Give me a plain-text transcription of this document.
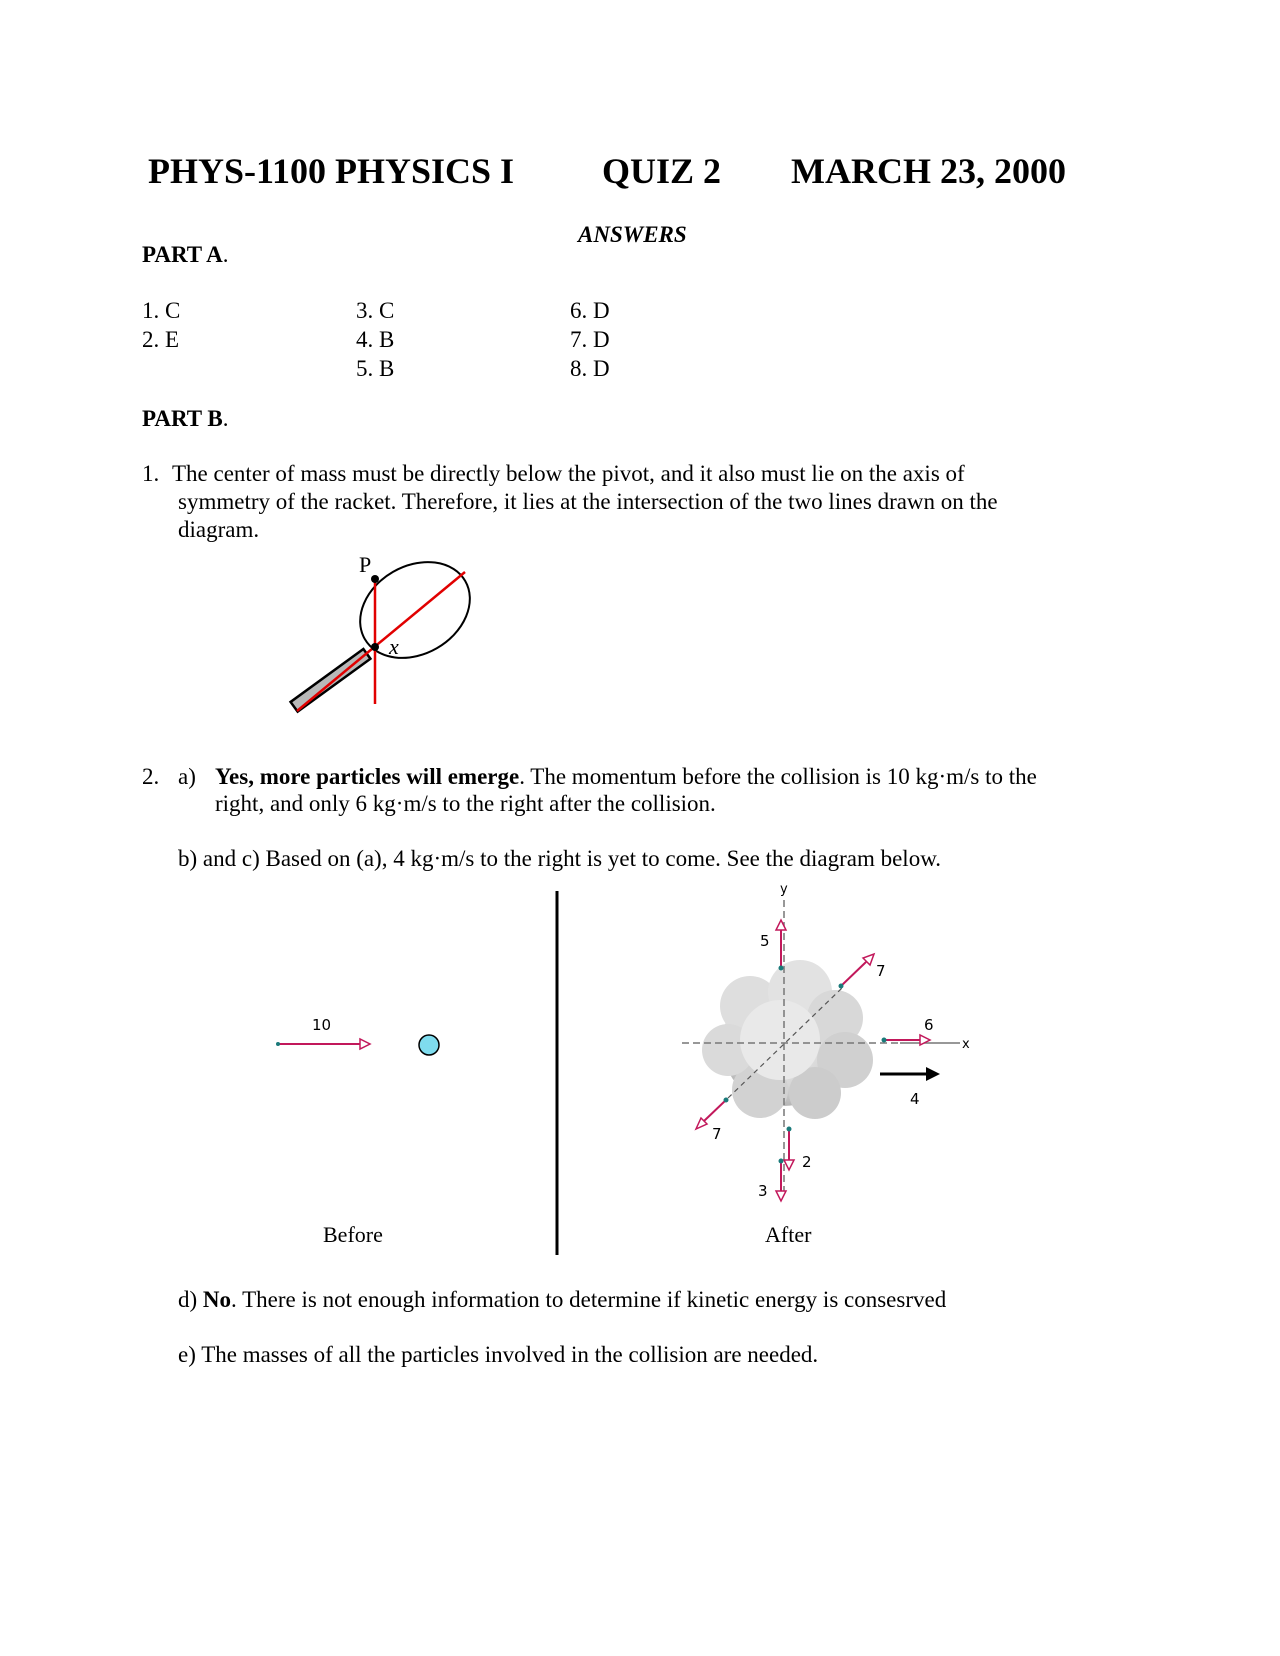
PHYS-1100 PHYSICS I QUIZ 2 MARCH 23, 2000
ANSWERS
PART A.
1. C
2. E
3. C
4. B
5. B
6. D
7. D
8. D
PART B.
1. The center of mass must be directly below the pivot, and it also must lie on the axis of
symmetry of the racket. Therefore, it lies at the intersection of the two lines drawn on the
diagram.
P
x
2. a) Yes, more particles will emerge. The momentum before the collision is 10 kg·m/s to the
right, and only 6 kg·m/s to the right after the collision.
b) and c) Based on (a), 4 kg·m/s to the right is yet to come. See the diagram below.
10
Before
x
y
5
7
6
7
2
3
4
After
d) No. There is not enough information to determine if kinetic energy is consesrved
e) The masses of all the particles involved in the collision are needed.
